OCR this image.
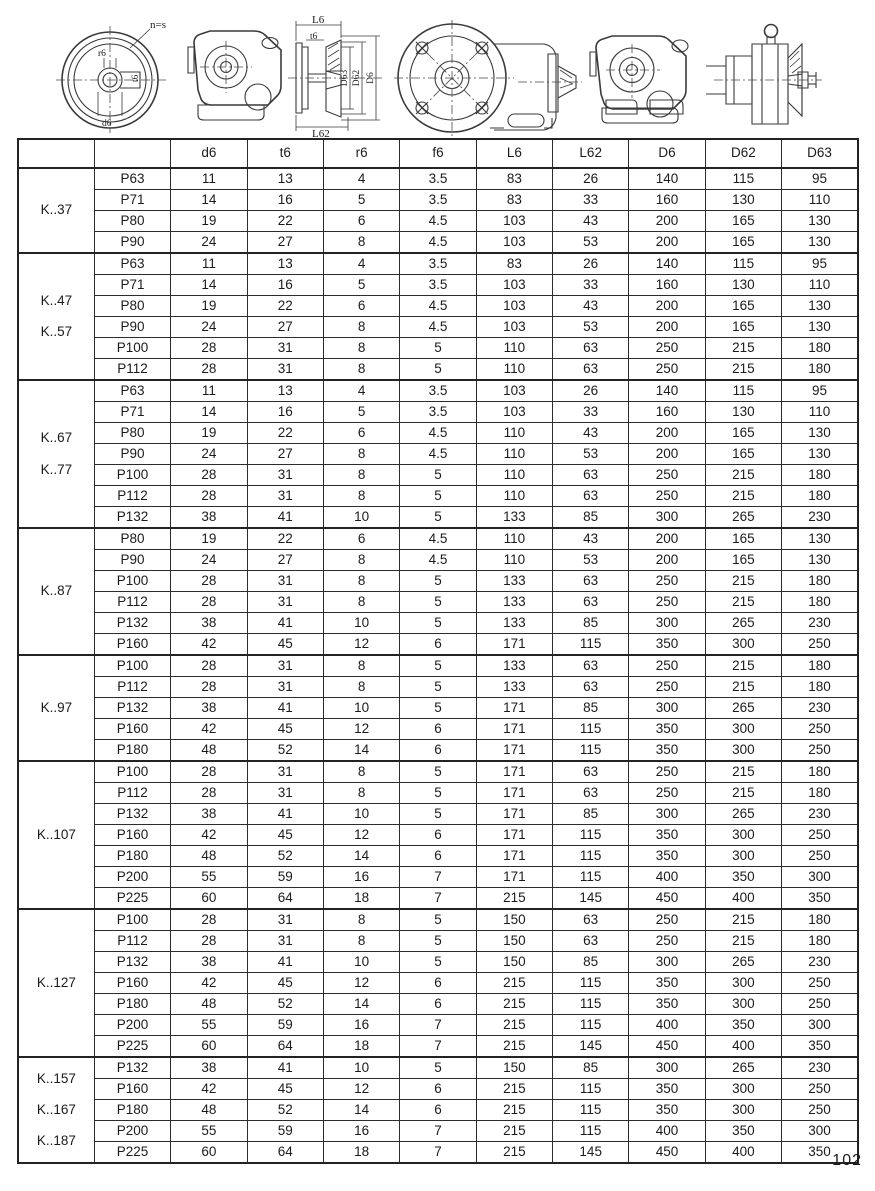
r6
t6
d6
n=s	L6
t6
D63 D62 D6
L62
		d6	t6	r6	f6	L6	L62	D6	D62	D63

K..37	P63	11	13	4	3.5	83	26	140	115	95
	P71	14	16	5	3.5	83	33	160	130	110
	P80	19	22	6	4.5	103	43	200	165	130
	P90	24	27	8	4.5	103	53	200	165	130

K..47
K..57	P63	11	13	4	3.5	83	26	140	115	95
	P71	14	16	5	3.5	103	33	160	130	110
	P80	19	22	6	4.5	103	43	200	165	130
	P90	24	27	8	4.5	103	53	200	165	130
	P100	28	31	8	5	110	63	250	215	180
	P112	28	31	8	5	110	63	250	215	180

K..67
K..77	P63	11	13	4	3.5	103	26	140	115	95
	P71	14	16	5	3.5	103	33	160	130	110
	P80	19	22	6	4.5	110	43	200	165	130
	P90	24	27	8	4.5	110	53	200	165	130
	P100	28	31	8	5	110	63	250	215	180
	P112	28	31	8	5	110	63	250	215	180
	P132	38	41	10	5	133	85	300	265	230

K..87	P80	19	22	6	4.5	110	43	200	165	130
	P90	24	27	8	4.5	110	53	200	165	130
	P100	28	31	8	5	133	63	250	215	180
	P112	28	31	8	5	133	63	250	215	180
	P132	38	41	10	5	133	85	300	265	230
	P160	42	45	12	6	171	115	350	300	250

K..97	P100	28	31	8	5	133	63	250	215	180
	P112	28	31	8	5	133	63	250	215	180
	P132	38	41	10	5	171	85	300	265	230
	P160	42	45	12	6	171	115	350	300	250
	P180	48	52	14	6	171	115	350	300	250

K..107	P100	28	31	8	5	171	63	250	215	180
	P112	28	31	8	5	171	63	250	215	180
	P132	38	41	10	5	171	85	300	265	230
	P160	42	45	12	6	171	115	350	300	250
	P180	48	52	14	6	171	115	350	300	250
	P200	55	59	16	7	171	115	400	350	300
	P225	60	64	18	7	215	145	450	400	350

K..127	P100	28	31	8	5	150	63	250	215	180
	P112	28	31	8	5	150	63	250	215	180
	P132	38	41	10	5	150	85	300	265	230
	P160	42	45	12	6	215	115	350	300	250
	P180	48	52	14	6	215	115	350	300	250
	P200	55	59	16	7	215	115	400	350	300
	P225	60	64	18	7	215	145	450	400	350

K..157
K..167
K..187	P132	38	41	10	5	150	85	300	265	230
	P160	42	45	12	6	215	115	350	300	250
	P180	48	52	14	6	215	115	350	300	250
	P200	55	59	16	7	215	115	400	350	300
	P225	60	64	18	7	215	145	450	400	350
102
